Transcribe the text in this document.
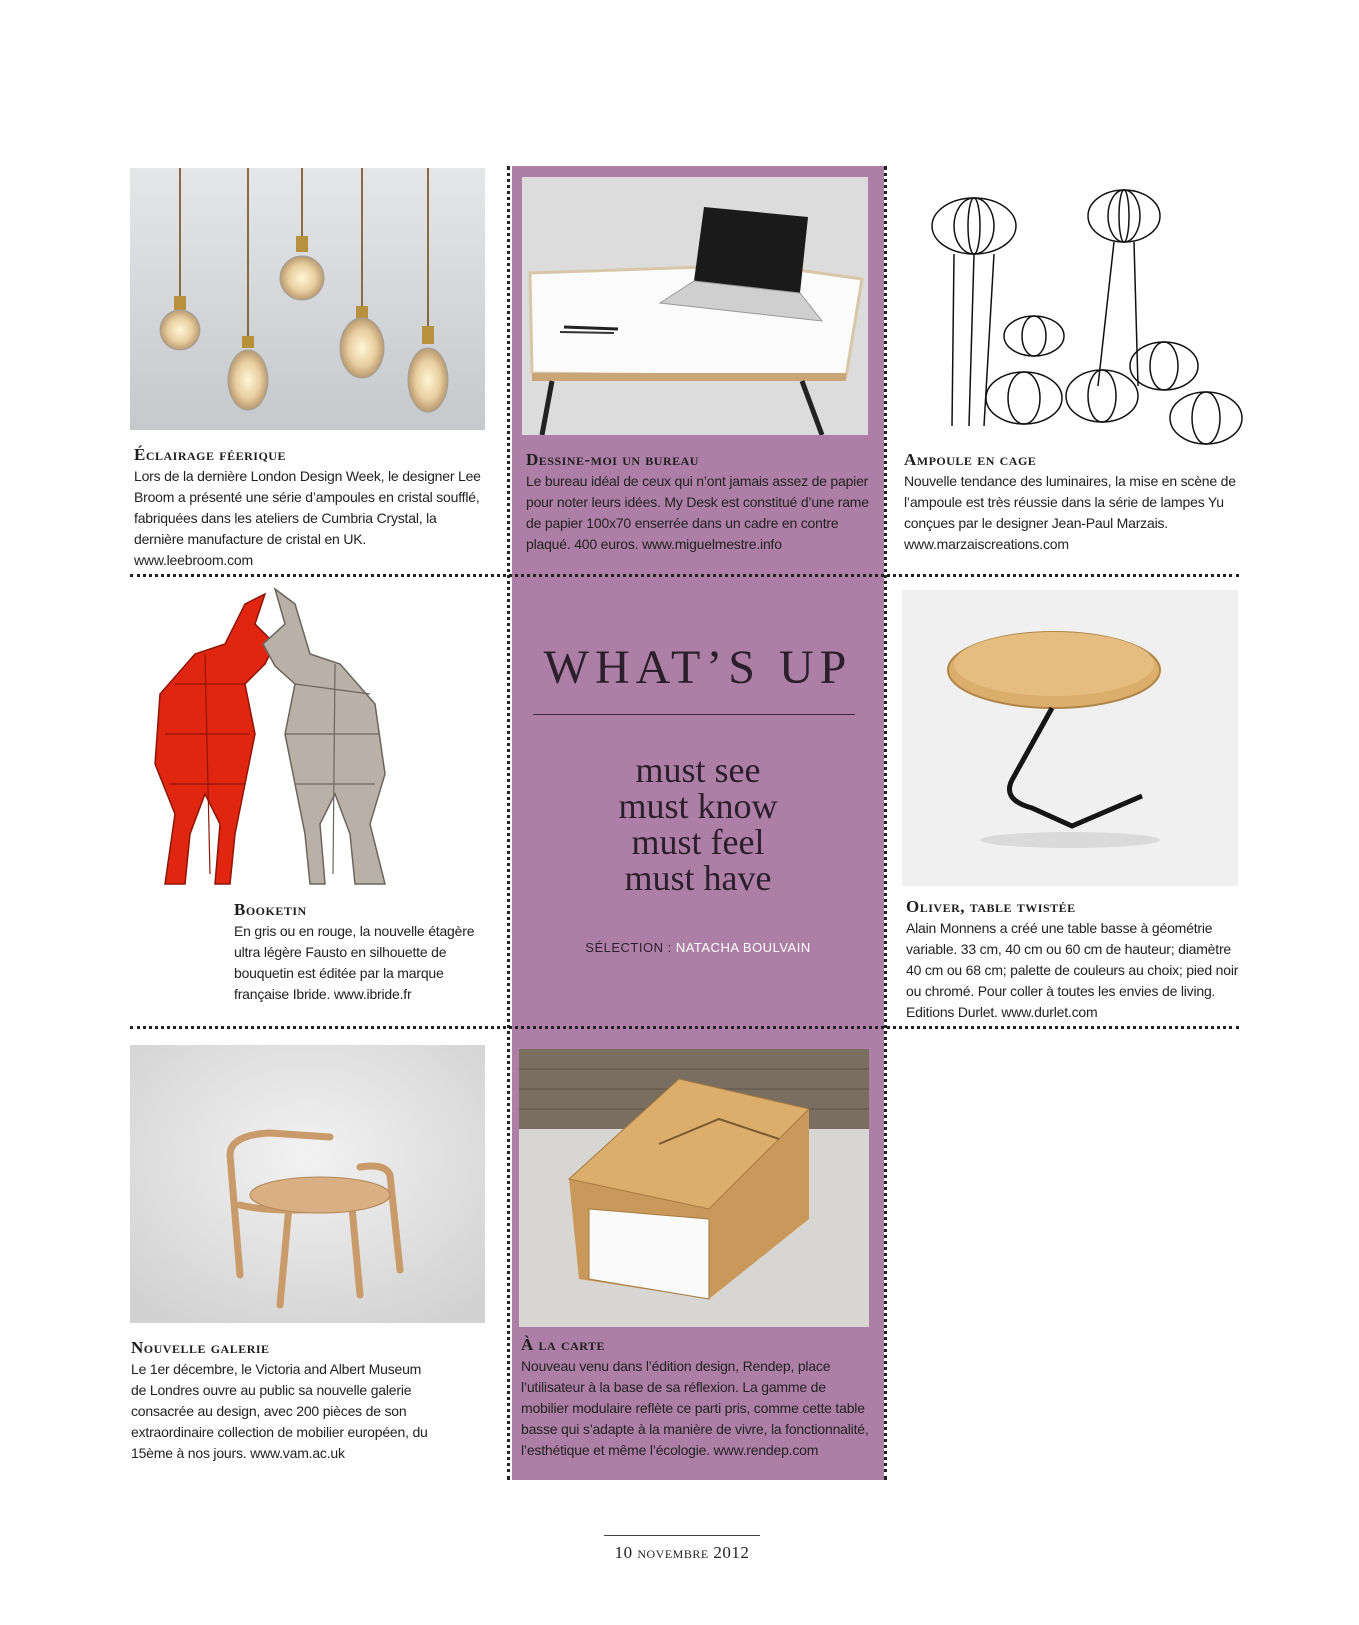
Éclairage féerique
Lors de la dernière London Design Week, le designer Lee Broom a présenté une série d’ampoules en cristal soufflé, fabriquées dans les ateliers de Cumbria Crystal, la dernière manufacture de cristal en UK. www.leebroom.com
Dessine-moi un bureau
Le bureau idéal de ceux qui n’ont jamais assez de papier pour noter leurs idées. My Desk est constitué d’une rame de papier 100x70 enserrée dans un cadre en contre plaqué. 400 euros. www.miguelmestre.info
Ampoule en cage
Nouvelle tendance des luminaires, la mise en scène de l’ampoule est très réussie dans la série de lampes Yu conçues par le designer Jean-Paul Marzais. www.marzaiscreations.com
Booketin
En gris ou en rouge, la nouvelle étagère ultra légère Fausto en silhouette de bouquetin est éditée par la marque française Ibride. www.ibride.fr
WHAT’S UP
must see
must know
must feel
must have
SÉLECTION : NATACHA BOULVAIN
Oliver, table twistée
Alain Monnens a créé une table basse à géométrie variable. 33 cm, 40 cm ou 60 cm de hauteur; diamètre 40 cm ou 68 cm; palette de couleurs au choix; pied noir ou chromé. Pour coller à toutes les envies de living. Editions Durlet. www.durlet.com
Nouvelle galerie
Le 1er décembre, le Victoria and Albert Museum de Londres ouvre au public sa nouvelle galerie consacrée au design, avec 200 pièces de son extraordinaire collection de mobilier européen, du 15ème à nos jours. www.vam.ac.uk
À la carte
Nouveau venu dans l’édition design, Rendep, place l’utilisateur à la base de sa réflexion. La gamme de mobilier modulaire reflète ce parti pris, comme cette table basse qui s’adapte à la manière de vivre, la fonctionnalité, l’esthétique et même l’écologie. www.rendep.com
10 novembre 2012
